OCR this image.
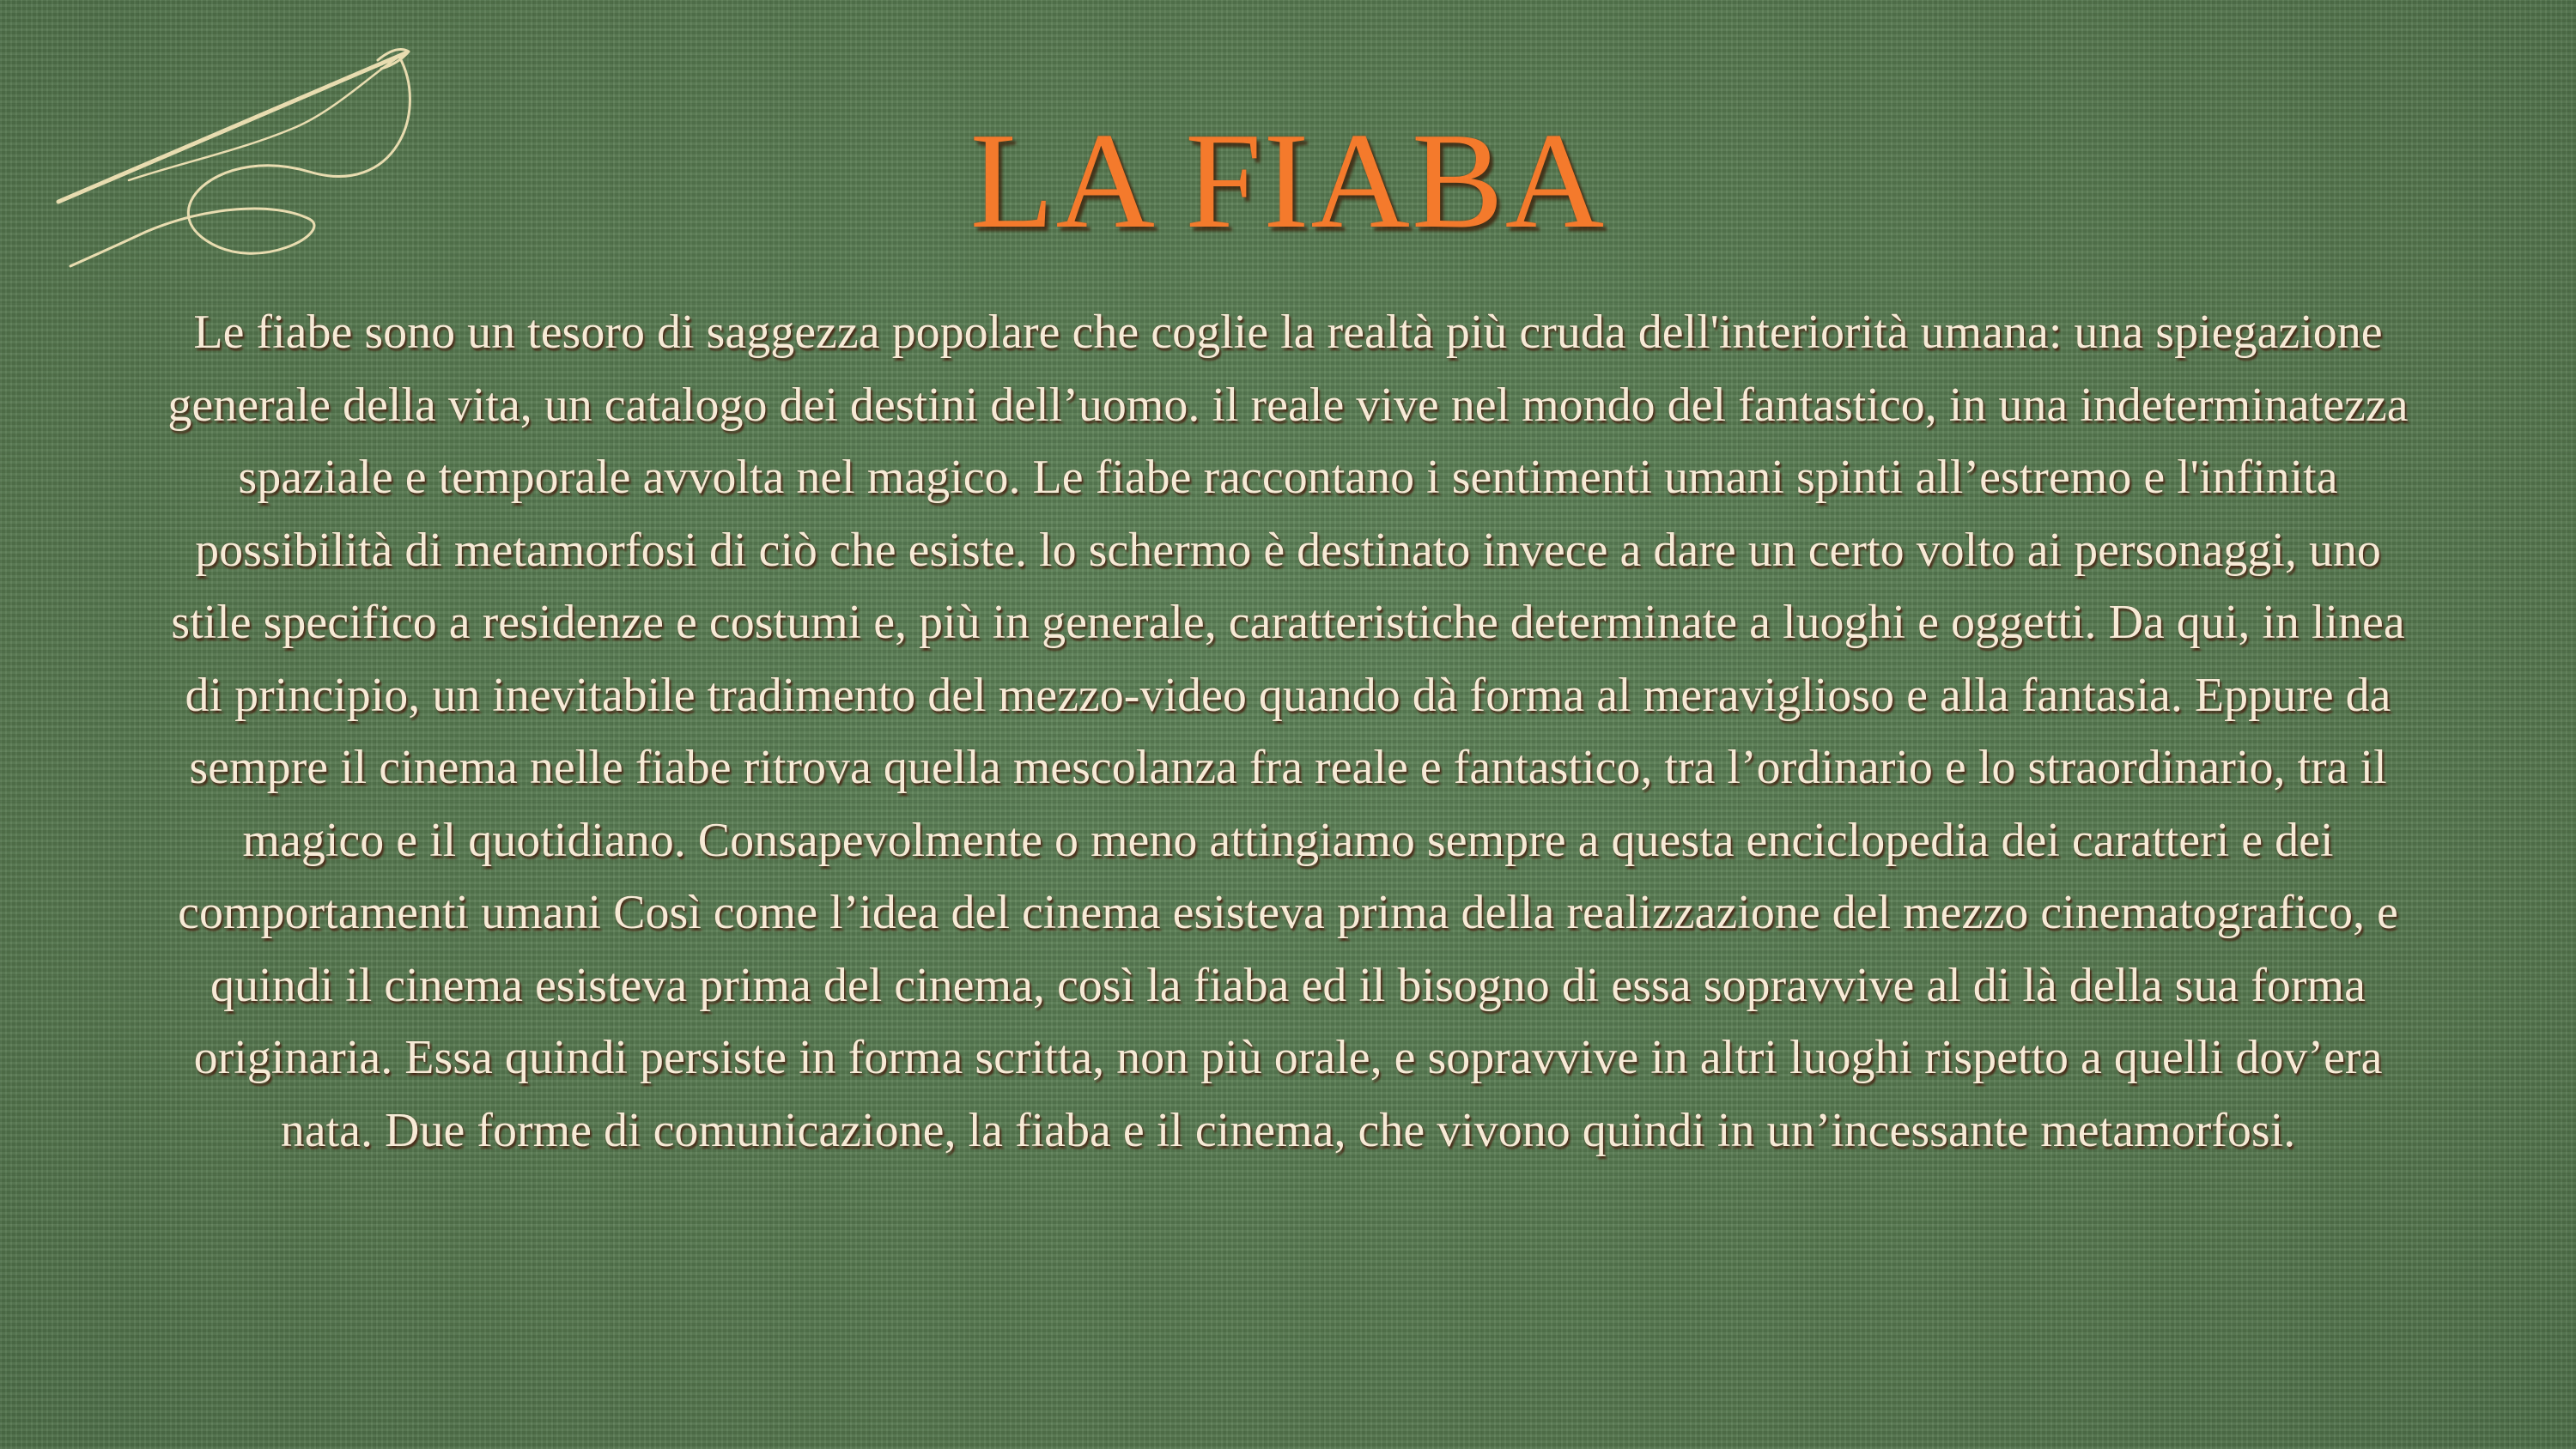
LA FIABA

Le fiabe sono un tesoro di saggezza popolare che coglie la realtà più cruda dell'interiorità umana: una spiegazione generale della vita, un catalogo dei destini dell’uomo. il reale vive nel mondo del fantastico, in una indeterminatezza spaziale e temporale avvolta nel magico. Le fiabe raccontano i sentimenti umani spinti all’estremo e l'infinita possibilità di metamorfosi di ciò che esiste. lo schermo è destinato invece a dare un certo volto ai personaggi, uno stile specifico a residenze e costumi e, più in generale, caratteristiche determinate a luoghi e oggetti. Da qui, in linea di principio, un inevitabile tradimento del mezzo-video quando dà forma al meraviglioso e alla fantasia. Eppure da sempre il cinema nelle fiabe ritrova quella mescolanza fra reale e fantastico, tra l’ordinario e lo straordinario, tra il magico e il quotidiano. Consapevolmente o meno attingiamo sempre a questa enciclopedia dei caratteri e dei comportamenti umani Così come l’idea del cinema esisteva prima della realizzazione del mezzo cinematografico, e quindi il cinema esisteva prima del cinema, così la fiaba ed il bisogno di essa sopravvive al di là della sua forma originaria. Essa quindi persiste in forma scritta, non più orale, e sopravvive in altri luoghi rispetto a quelli dov’era nata. Due forme di comunicazione, la fiaba e il cinema, che vivono quindi in un’incessante metamorfosi.
